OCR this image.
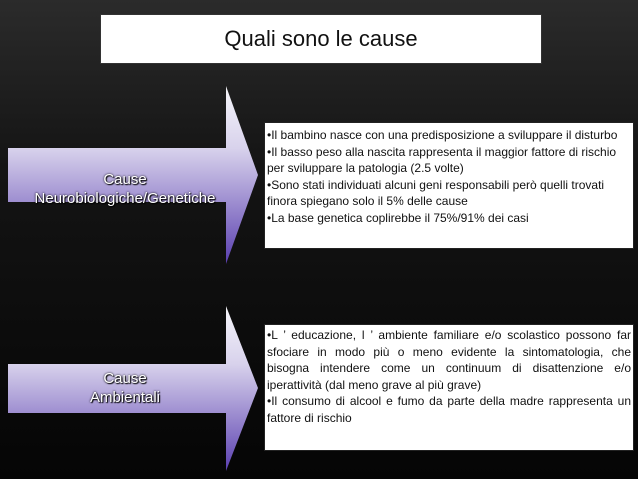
Quali sono le cause
Cause
Neurobiologiche/Genetiche
Cause
Ambientali

•Il bambino nasce con una predisposizione a sviluppare il disturbo

•Il basso peso alla nascita rappresenta il maggior fattore di rischio per sviluppare la patologia (2.5 volte)

•Sono stati individuati alcuni geni responsabili però quelli trovati finora spiegano solo il 5% delle cause

•La base genetica coplirebbe il 75%/91% dei casi

•L ’ educazione, l ’ ambiente familiare e/o scolastico possono far sfociare in modo più o meno evidente la sintomatologia, che bisogna intendere come un continuum di disattenzione e/o iperattività (dal meno grave al più grave)

•Il consumo di alcool e fumo da parte della madre rappresenta un fattore di rischio
